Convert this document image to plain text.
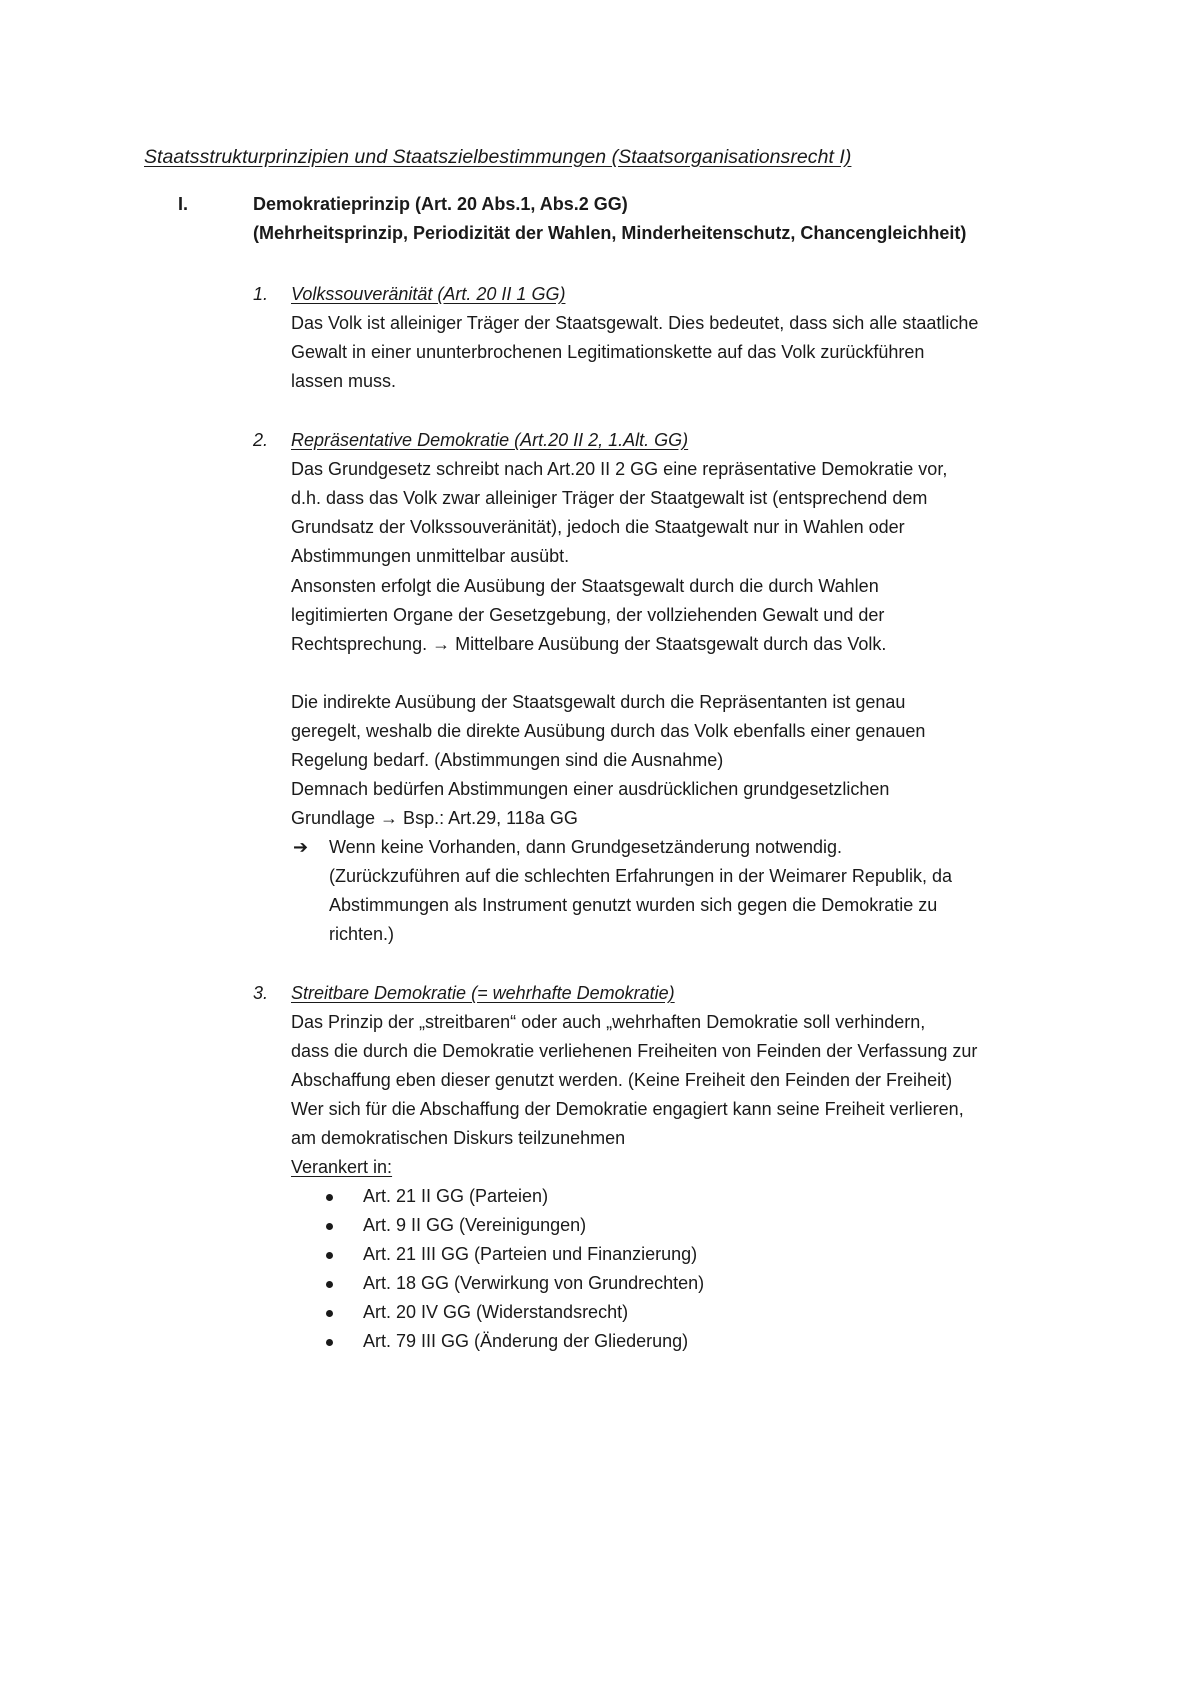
Staatsstrukturprinzipien und Staatszielbestimmungen (Staatsorganisationsrecht I)
I.	Demokratieprinzip (Art. 20 Abs.1, Abs.2 GG)
(Mehrheitsprinzip, Periodizität der Wahlen, Minderheitenschutz, Chancengleichheit)
1. Volkssouveränität (Art. 20 II 1 GG)
Das Volk ist alleiniger Träger der Staatsgewalt. Dies bedeutet, dass sich alle staatliche
Gewalt in einer ununterbrochenen Legitimationskette auf das Volk zurückführen
lassen muss.
2. Repräsentative Demokratie (Art.20 II 2, 1.Alt. GG)
Das Grundgesetz schreibt nach Art.20 II 2 GG eine repräsentative Demokratie vor,
d.h. dass das Volk zwar alleiniger Träger der Staatgewalt ist (entsprechend dem
Grundsatz der Volkssouveränität), jedoch die Staatgewalt nur in Wahlen oder
Abstimmungen unmittelbar ausübt.
Ansonsten erfolgt die Ausübung der Staatsgewalt durch die durch Wahlen
legitimierten Organe der Gesetzgebung, der vollziehenden Gewalt und der
Rechtsprechung. → Mittelbare Ausübung der Staatsgewalt durch das Volk.
Die indirekte Ausübung der Staatsgewalt durch die Repräsentanten ist genau
geregelt, weshalb die direkte Ausübung durch das Volk ebenfalls einer genauen
Regelung bedarf. (Abstimmungen sind die Ausnahme)
Demnach bedürfen Abstimmungen einer ausdrücklichen grundgesetzlichen
Grundlage → Bsp.: Art.29, 118a GG
➔ Wenn keine Vorhanden, dann Grundgesetzänderung notwendig.
(Zurückzuführen auf die schlechten Erfahrungen in der Weimarer Republik, da
Abstimmungen als Instrument genutzt wurden sich gegen die Demokratie zu
richten.)
3. Streitbare Demokratie (= wehrhafte Demokratie)
Das Prinzip der „streitbaren“ oder auch „wehrhaften Demokratie soll verhindern,
dass die durch die Demokratie verliehenen Freiheiten von Feinden der Verfassung zur
Abschaffung eben dieser genutzt werden. (Keine Freiheit den Feinden der Freiheit)
Wer sich für die Abschaffung der Demokratie engagiert kann seine Freiheit verlieren,
am demokratischen Diskurs teilzunehmen
Verankert in:
Art. 21 II GG (Parteien)
Art. 9 II GG (Vereinigungen)
Art. 21 III GG (Parteien und Finanzierung)
Art. 18 GG (Verwirkung von Grundrechten)
Art. 20 IV GG (Widerstandsrecht)
Art. 79 III GG (Änderung der Gliederung)
